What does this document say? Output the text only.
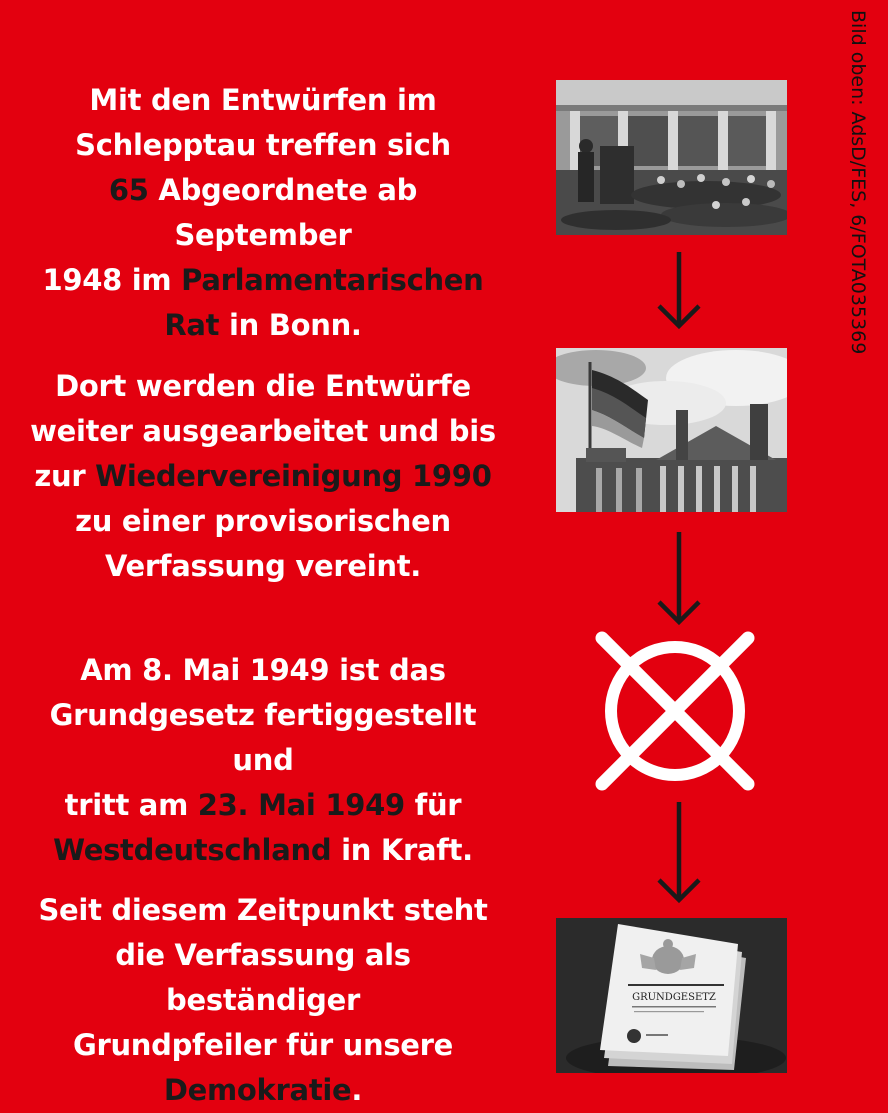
Mit den Entwürfen im
Schlepptau treffen sich
65 Abgeordnete ab September
1948 im Parlamentarischen
Rat in Bonn.
Dort werden die Entwürfe
weiter ausgearbeitet und bis
zur Wiedervereinigung 1990
zu einer provisorischen
Verfassung vereint.
Am 8. Mai 1949 ist das
Grundgesetz fertiggestellt und
tritt am 23. Mai 1949 für
Westdeutschland in Kraft.
Seit diesem Zeitpunkt steht
die Verfassung als beständiger
Grundpfeiler für unsere
Demokratie.
GRUNDGESETZ
Bild oben: AdsD/FES, 6/FOTA035369
